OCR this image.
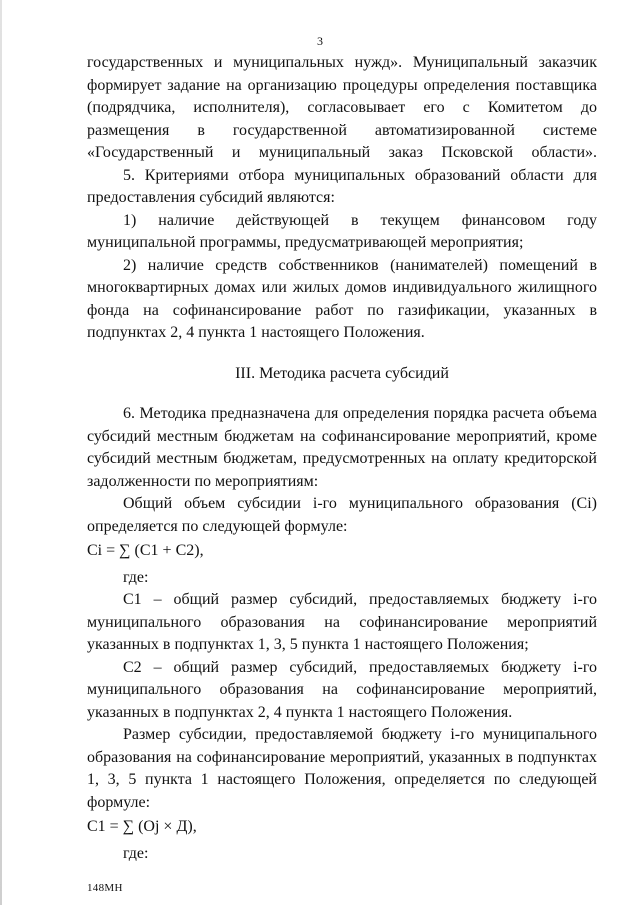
3

государственных и муниципальных нужд». Муниципальный заказчик формирует задание на организацию процедуры определения поставщика (подрядчика, исполнителя), согласовывает его с Комитетом до размещения в государственной автоматизированной системе «Государственный и муниципальный заказ Псковской области».

5. Критериями отбора муниципальных образований области для предоставления субсидий являются:

1) наличие действующей в текущем финансовом году муниципальной программы, предусматривающей мероприятия;

2) наличие средств собственников (нанимателей) помещений в многоквартирных домах или жилых домов индивидуального жилищного фонда на софинансирование работ по газификации, указанных в подпунктах 2, 4 пункта 1 настоящего Положения.

III. Методика расчета субсидий

6. Методика предназначена для определения порядка расчета объема субсидий местным бюджетам на софинансирование мероприятий, кроме субсидий местным бюджетам, предусмотренных на оплату кредиторской задолженности по мероприятиям:

Общий объем субсидии i-го муниципального образования (Ci) определяется по следующей формуле:

Ci = ∑ (C1 + C2),

где:

C1 – общий размер субсидий, предоставляемых бюджету i-го муниципального образования на софинансирование мероприятий указанных в подпунктах 1, 3, 5 пункта 1 настоящего Положения;

C2 – общий размер субсидий, предоставляемых бюджету i-го муниципального образования на софинансирование мероприятий, указанных в подпунктах 2, 4 пункта 1 настоящего Положения.

Размер субсидии, предоставляемой бюджету i-го муниципального образования на софинансирование мероприятий, указанных в подпунктах 1, 3, 5 пункта 1 настоящего Положения, определяется по следующей формуле:

C1 = ∑ (Oj × Д),

где:

148MH
